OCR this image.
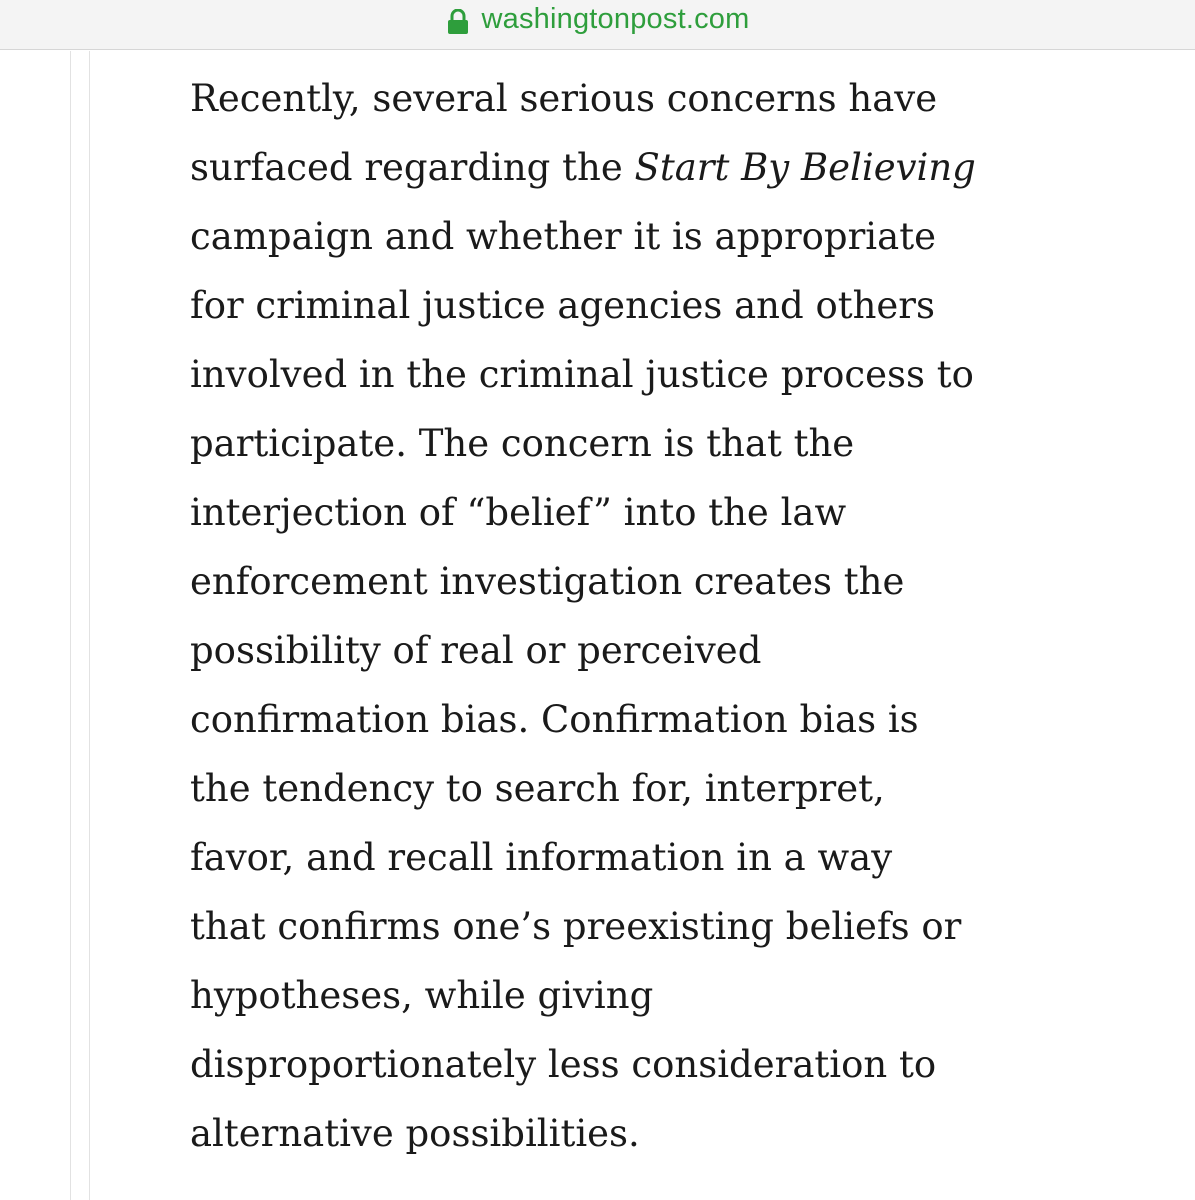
washingtonpost.com

Recently, several serious concerns have
surfaced regarding the Start By Believing
campaign and whether it is appropriate
for criminal justice agencies and others
involved in the criminal justice process to
participate. The concern is that the
interjection of “belief” into the law
enforcement investigation creates the
possibility of real or perceived
confirmation bias. Confirmation bias is
the tendency to search for, interpret,
favor, and recall information in a way
that confirms one’s preexisting beliefs or
hypotheses, while giving
disproportionately less consideration to
alternative possibilities.
